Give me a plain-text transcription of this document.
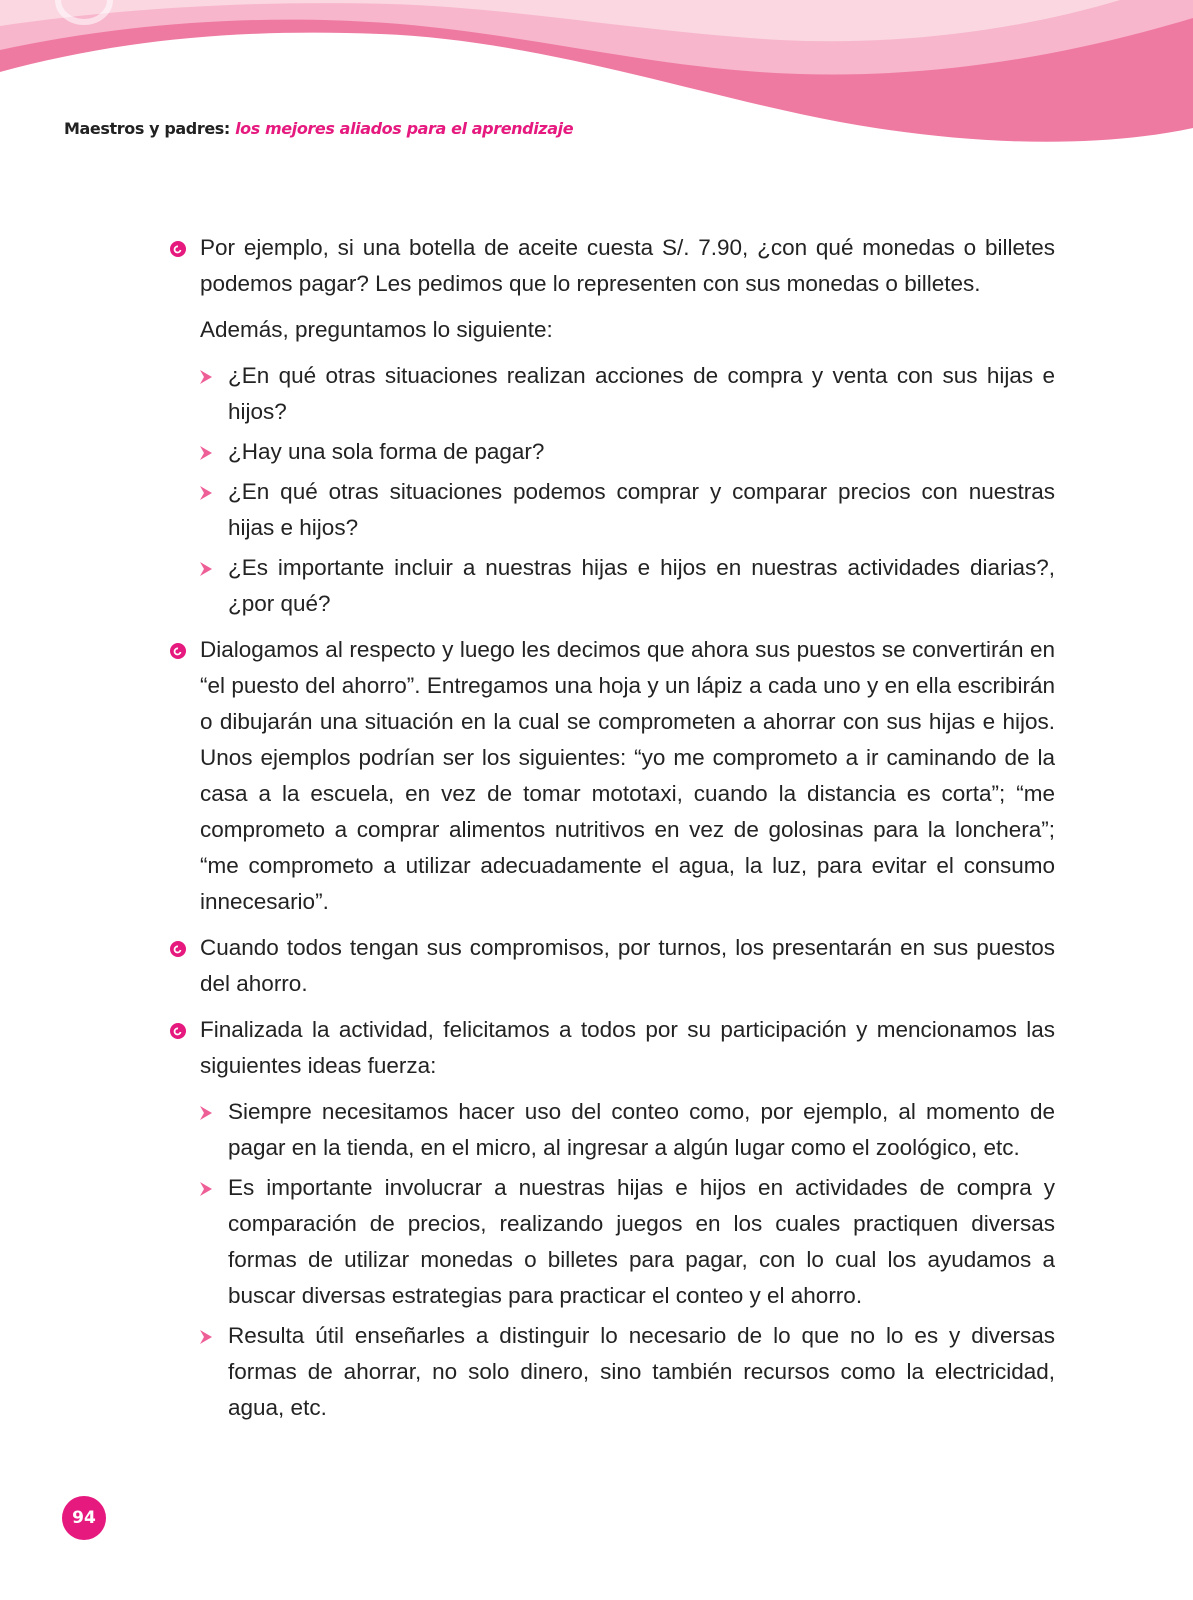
Maestros y padres: los mejores aliados para el aprendizaje
Por ejemplo, si una botella de aceite cuesta S/. 7.90, ¿con qué monedas o billetes podemos pagar? Les pedimos que lo representen con sus monedas o billetes.
Además, preguntamos lo siguiente:
¿En qué otras situaciones realizan acciones de compra y venta con sus hijas e hijos?
¿Hay una sola forma de pagar?
¿En qué otras situaciones podemos comprar y comparar precios con nuestras hijas e hijos?
¿Es importante incluir a nuestras hijas e hijos en nuestras actividades diarias?, ¿por qué?
Dialogamos al respecto y luego les decimos que ahora sus puestos se convertirán en “el puesto del ahorro”. Entregamos una hoja y un lápiz a cada uno y en ella escribirán o dibujarán una situación en la cual se comprometen a ahorrar con sus hijas e hijos. Unos ejemplos podrían ser los siguientes: “yo me comprometo a ir caminando de la casa a la escuela, en vez de tomar mototaxi, cuando la distancia es corta”; “me comprometo a comprar alimentos nutritivos en vez de golosinas para la lonchera”; “me comprometo a utilizar adecuadamente el agua, la luz, para evitar el consumo innecesario”.
Cuando todos tengan sus compromisos, por turnos, los presentarán en sus puestos del ahorro.
Finalizada la actividad, felicitamos a todos por su participación y mencionamos las siguientes ideas fuerza:
Siempre necesitamos hacer uso del conteo como, por ejemplo, al momento de pagar en la tienda, en el micro, al ingresar a algún lugar como el zoológico, etc.
Es importante involucrar a nuestras hijas e hijos en actividades de compra y comparación de precios, realizando juegos en los cuales practiquen diversas formas de utilizar monedas o billetes para pagar, con lo cual los ayudamos a buscar diversas estrategias para practicar el conteo y el ahorro.
Resulta útil enseñarles a distinguir lo necesario de lo que no lo es y diversas formas de ahorrar, no solo dinero, sino también recursos como la electricidad, agua, etc.
94
